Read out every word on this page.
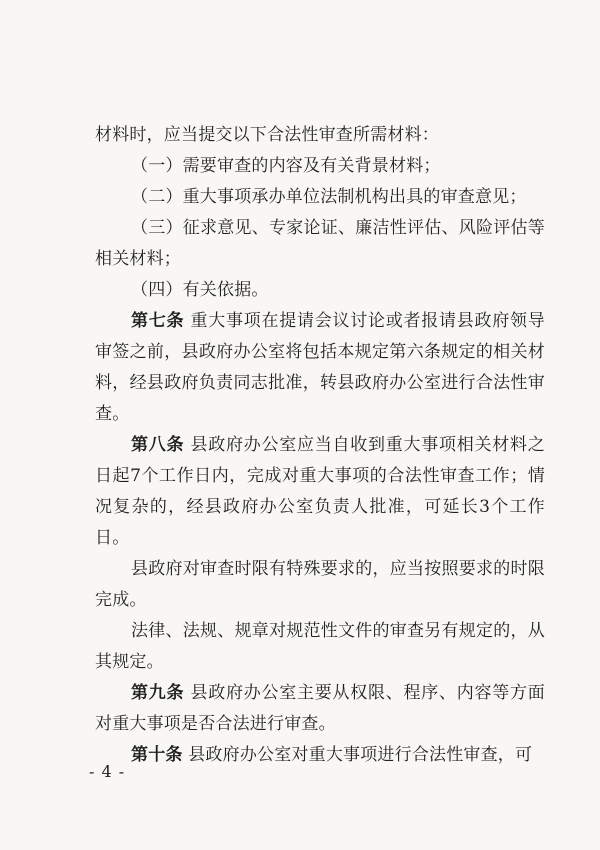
材料时，应当提交以下合法性审查所需材料：

（一）需要审查的内容及有关背景材料；

（二）重大事项承办单位法制机构出具的审查意见；

（三）征求意见、专家论证、廉洁性评估、风险评估等相关材料；

（四）有关依据。

第七条 重大事项在提请会议讨论或者报请县政府领导审签之前，县政府办公室将包括本规定第六条规定的相关材料，经县政府负责同志批准，转县政府办公室进行合法性审查。

第八条 县政府办公室应当自收到重大事项相关材料之日起7个工作日内，完成对重大事项的合法性审查工作；情况复杂的，经县政府办公室负责人批准，可延长3个工作日。

县政府对审查时限有特殊要求的，应当按照要求的时限完成。

法律、法规、规章对规范性文件的审查另有规定的，从其规定。

第九条 县政府办公室主要从权限、程序、内容等方面对重大事项是否合法进行审查。

第十条 县政府办公室对重大事项进行合法性审查，可

- 4 -
